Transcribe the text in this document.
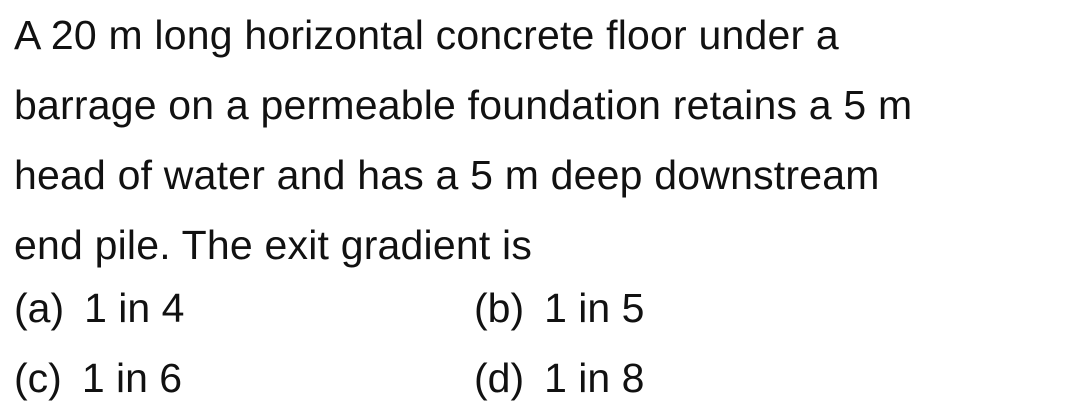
A 20 m long horizontal concrete floor under a
barrage on a permeable foundation retains a 5 m
head of water and has a 5 m deep downstream
end pile. The exit gradient is
(a) 1 in 4	(b) 1 in 5
(c) 1 in 6	(d) 1 in 8
